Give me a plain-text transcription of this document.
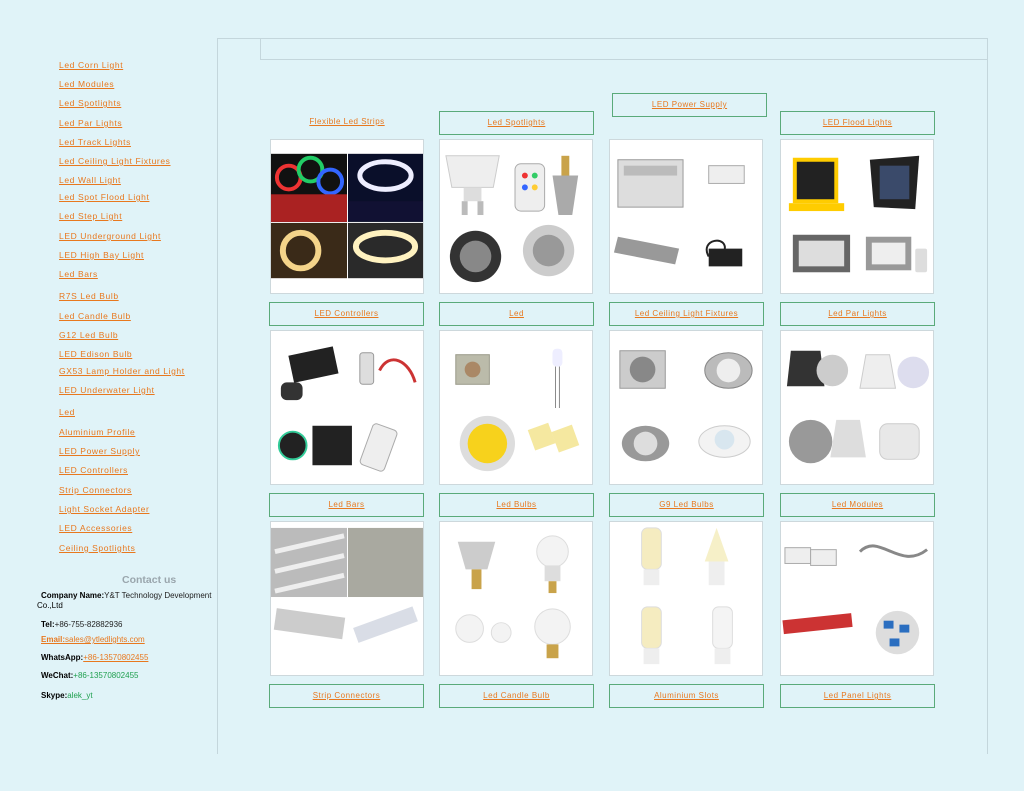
Led Corn Light
Led Modules
Led Spotlights
Led Par Lights
Led Track Lights
Led Ceiling Light Fixtures
Led Wall Light
Led Spot Flood Light
Led Step Light
LED Underground Light
LED High Bay Light
Led Bars
R7S Led Bulb
Led Candle Bulb
G12 Led Bulb
LED Edison Bulb
GX53 Lamp Holder and Light
LED Underwater Light
Led
Aluminium Profile
LED Power Supply
LED Controllers
Strip Connectors
Light Socket Adapter
LED Accessories
Ceiling Spotlights
Contact us
Company Name:Y&T Technology Development
Co.,Ltd
Tel:+86-755-82882936
Email:sales@ytledlights.com
WhatsApp:+86-13570802455
WeChat:+86-13570802455
Skype:alek_yt
Flexible Led Strips	Led Spotlights
LED Power Supply
LED Flood Lights
LED Controllers	Led	Led Ceiling Light Fixtures	Led Par Lights
Led Bars	Led Bulbs	G9 Led Bulbs	Led Modules
Strip Connectors	Led Candle Bulb	Aluminium Slots	Led Panel Lights
